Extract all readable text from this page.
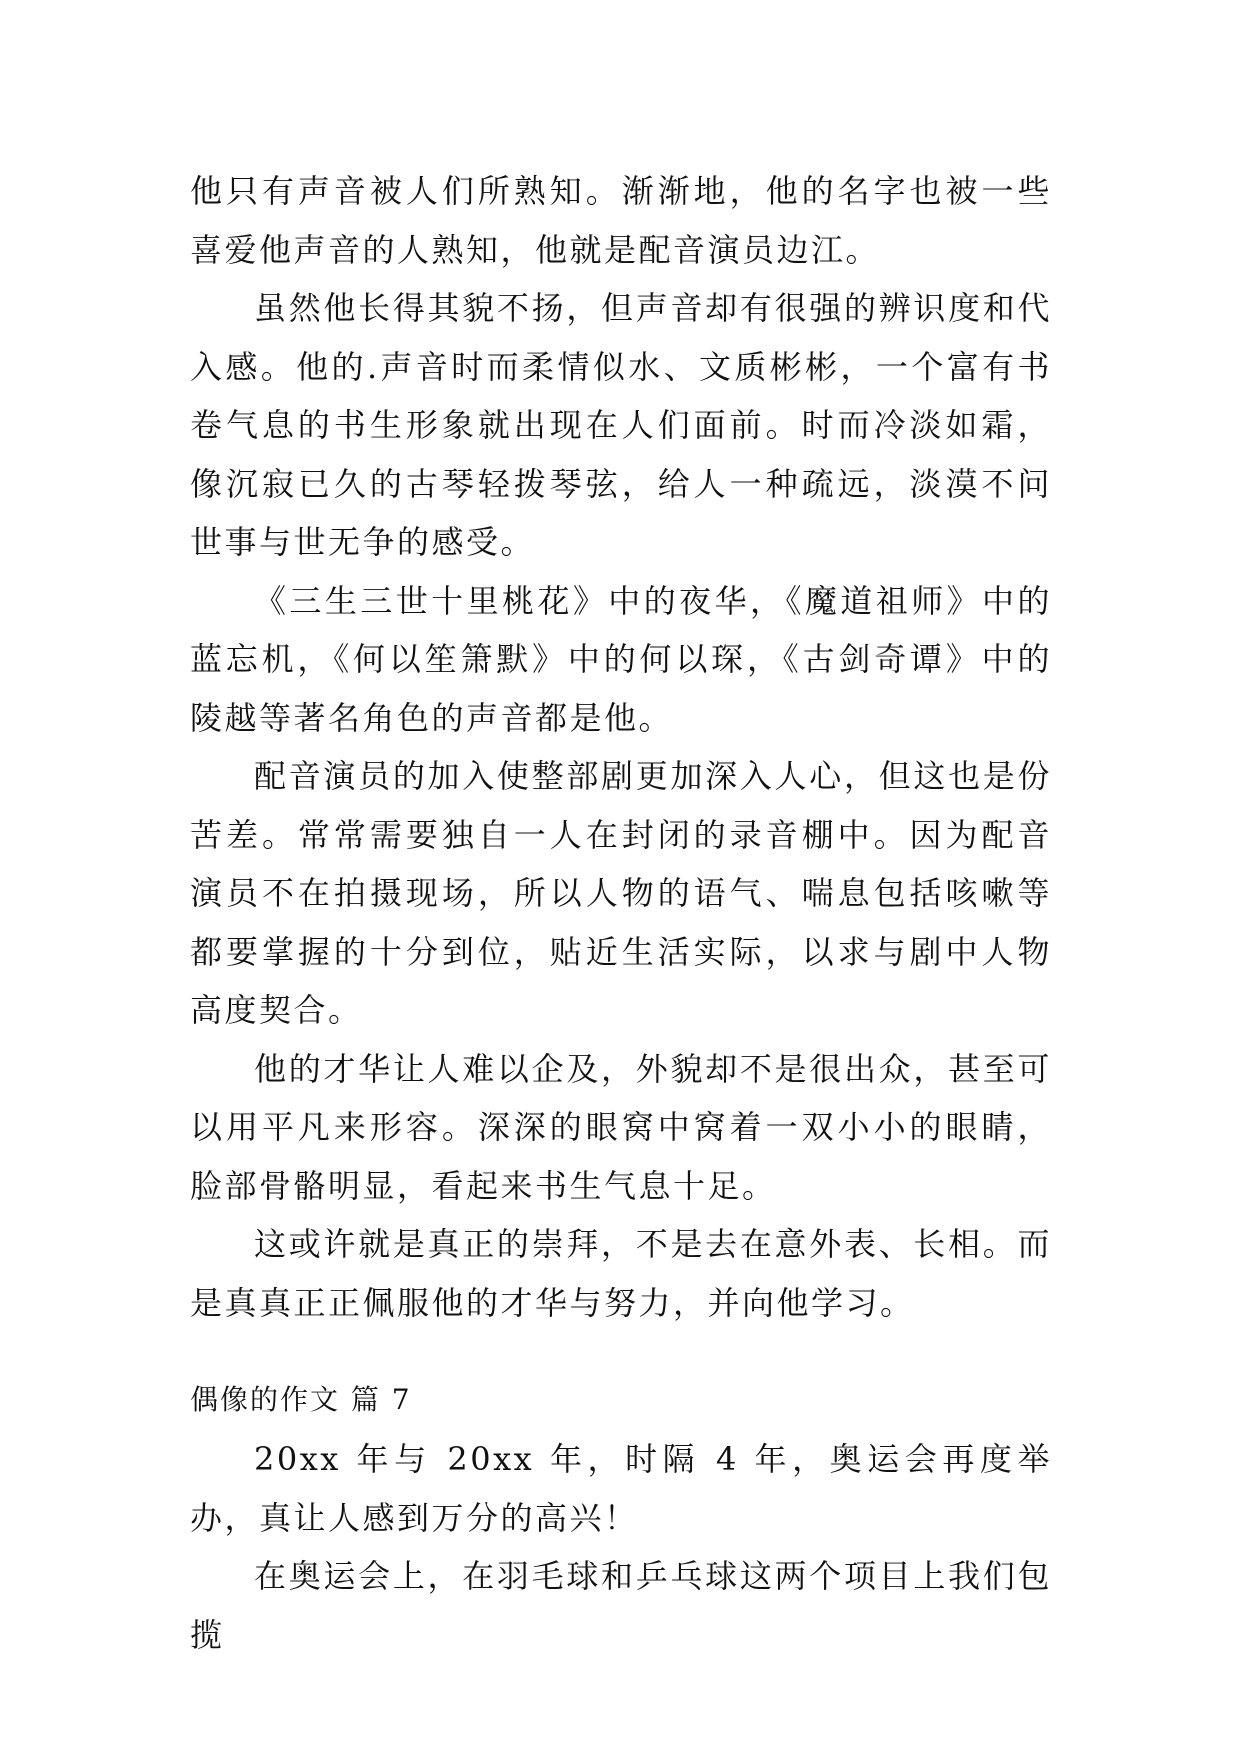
他只有声音被人们所熟知。渐渐地，他的名字也被一些喜爱他声音的人熟知，他就是配音演员边江。

虽然他长得其貌不扬，但声音却有很强的辨识度和代入感。他的.声音时而柔情似水、文质彬彬，一个富有书卷气息的书生形象就出现在人们面前。时而冷淡如霜，像沉寂已久的古琴轻拨琴弦，给人一种疏远，淡漠不问世事与世无争的感受。

《三生三世十里桃花》中的夜华，《魔道祖师》中的蓝忘机，《何以笙箫默》中的何以琛，《古剑奇谭》中的陵越等著名角色的声音都是他。

配音演员的加入使整部剧更加深入人心，但这也是份苦差。常常需要独自一人在封闭的录音棚中。因为配音演员不在拍摄现场，所以人物的语气、喘息包括咳嗽等都要掌握的十分到位，贴近生活实际，以求与剧中人物高度契合。

他的才华让人难以企及，外貌却不是很出众，甚至可以用平凡来形容。深深的眼窝中窝着一双小小的眼睛，脸部骨骼明显，看起来书生气息十足。

这或许就是真正的崇拜，不是去在意外表、长相。而是真真正正佩服他的才华与努力，并向他学习。

偶像的作文 篇 7

20xx 年与 20xx 年，时隔 4 年，奥运会再度举办，真让人感到万分的高兴！

在奥运会上，在羽毛球和乒乓球这两个项目上我们包揽
